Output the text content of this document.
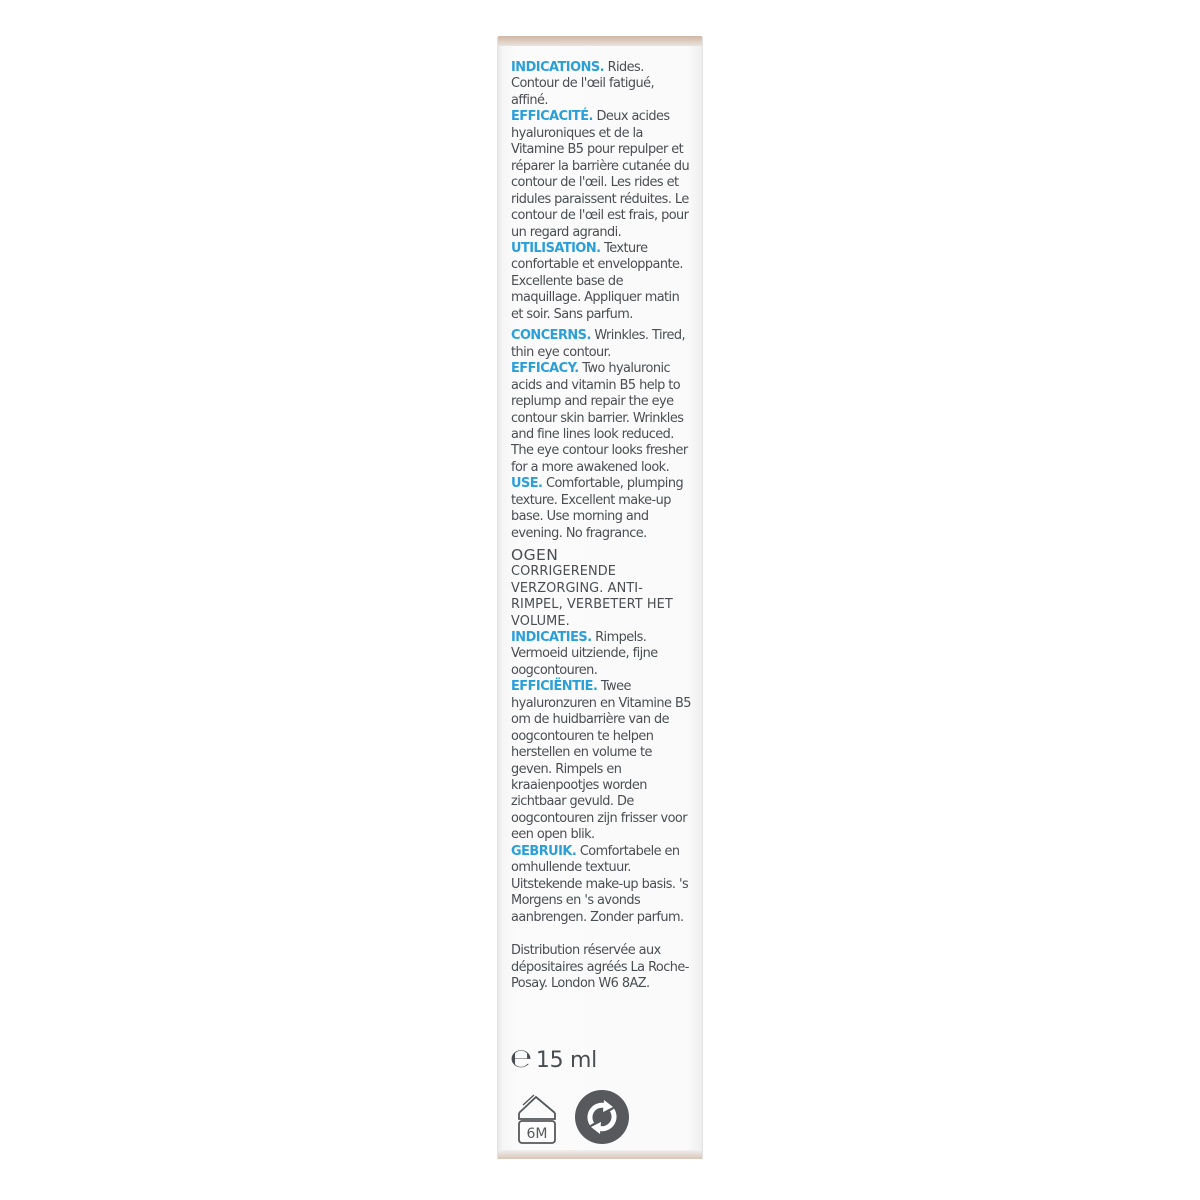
INDICATIONS. Rides. Contour de l'œil fatigué, affiné.

EFFICACITÉ. Deux acides hyaluroniques et de la Vitamine B5 pour repulper et réparer la barrière cutanée du contour de l'œil. Les rides et ridules paraissent réduites. Le contour de l'œil est frais, pour un regard agrandi.

UTILISATION. Texture confortable et enveloppante. Excellente base de maquillage. Appliquer matin et soir. Sans parfum.

CONCERNS. Wrinkles. Tired, thin eye contour.

EFFICACY. Two hyaluronic acids and vitamin B5 help to replump and repair the eye contour skin barrier. Wrinkles and fine lines look reduced. The eye contour looks fresher for a more awakened look.

USE. Comfortable, plumping texture. Excellent make-up base. Use morning and evening. No fragrance.

OGEN

CORRIGERENDE VERZORGING. ANTI-RIMPEL, VERBETERT HET VOLUME.

INDICATIES. Rimpels. Vermoeid uitziende, fijne oogcontouren.

EFFICIËNTIE. Twee hyaluronzuren en Vitamine B5 om de huidbarrière van de oogcontouren te helpen herstellen en volume te geven. Rimpels en kraaienpootjes worden zichtbaar gevuld. De oogcontouren zijn frisser voor een open blik.

GEBRUIK. Comfortabele en omhullende textuur. Uitstekende make-up basis. 's Morgens en 's avonds aanbrengen. Zonder parfum.

Distribution réservée aux dépositaires agréés La Roche-Posay. London W6 8AZ.

℮ 15 ml
6M
